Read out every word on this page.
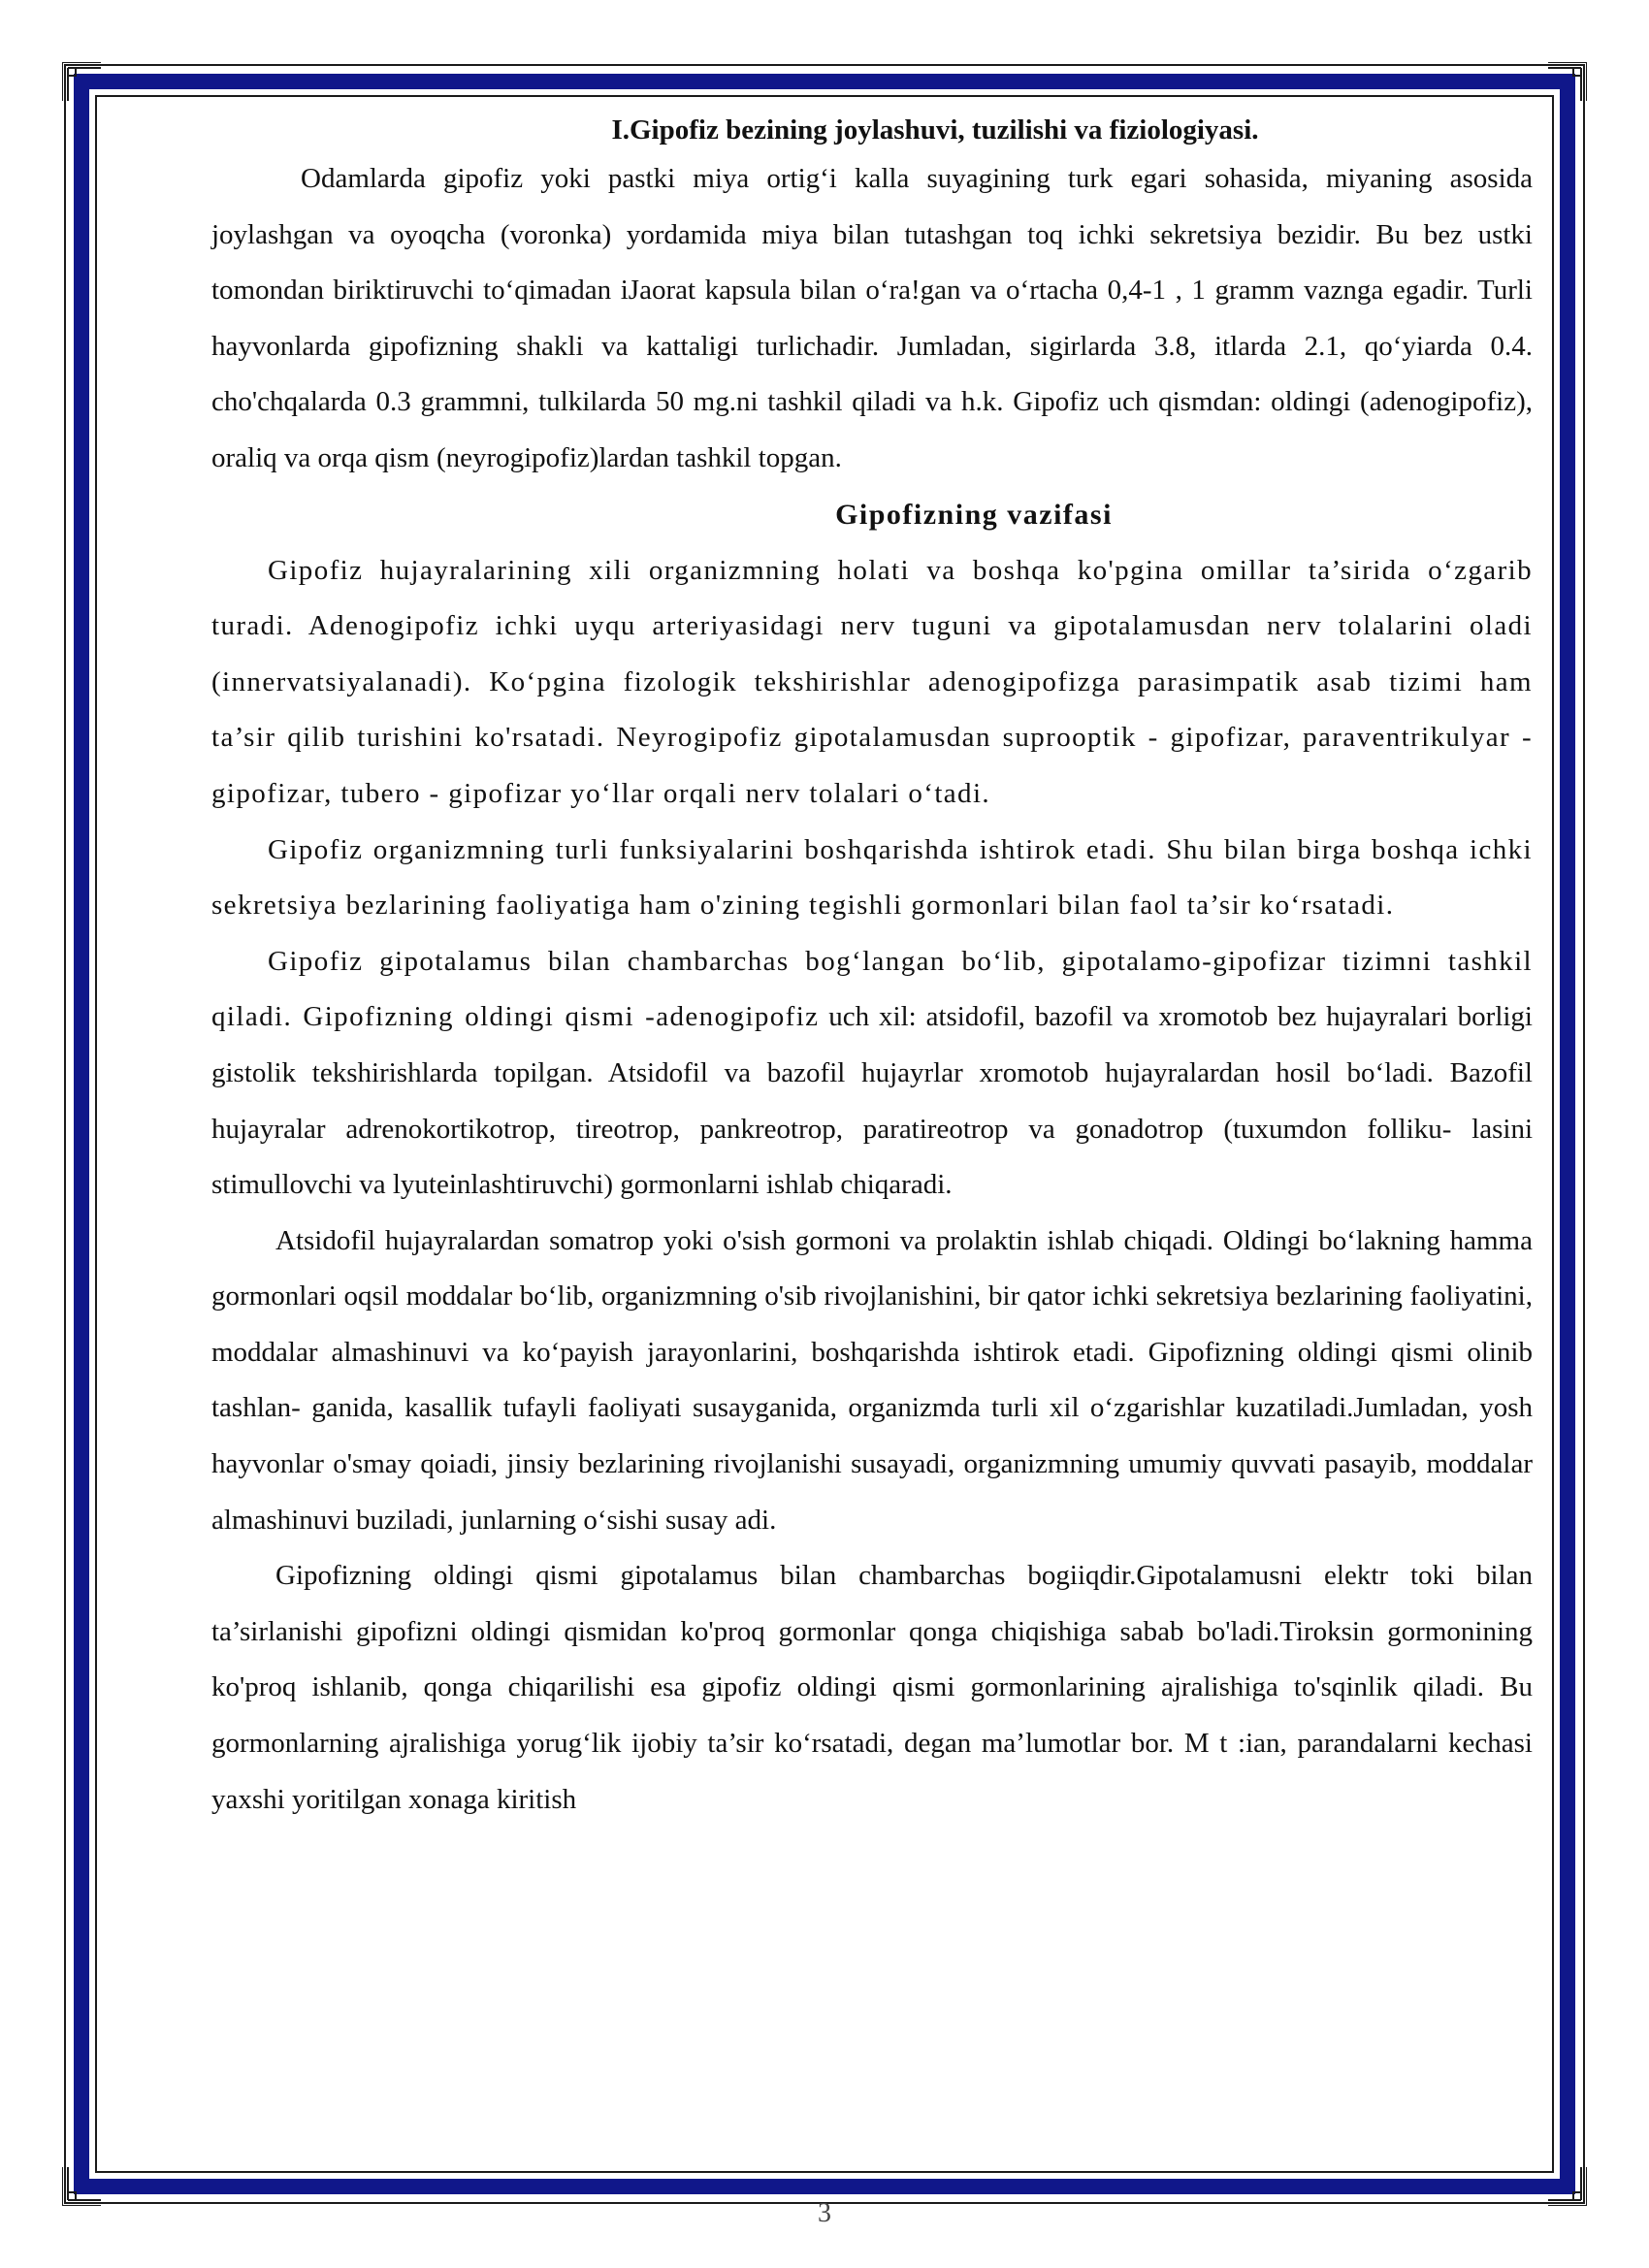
I.Gipofiz bezining joylashuvi, tuzilishi va fiziologiyasi.

Odamlarda gipofiz yoki pastki miya ortig‘i kalla suyagining turk egari sohasida, miyaning asosida joylashgan va oyoqcha (voronka) yordamida miya bilan tutashgan toq ichki sekretsiya bezidir. Bu bez ustki tomondan biriktiruvchi to‘qimadan iJaorat kapsula bilan o‘ra!gan va o‘rtacha 0,4-1 , 1 gramm vaznga egadir. Turli hayvonlarda gipofizning shakli va kattaligi turlichadir. Jumladan, sigirlarda 3.8, itlarda 2.1, qo‘yiarda 0.4. cho'chqalarda 0.3 grammni, tulkilarda 50 mg.ni tashkil qiladi va h.k. Gipofiz uch qismdan: oldingi (adenogipofiz), oraliq va orqa qism (neyrogipofiz)lardan tashkil topgan.

Gipofizning vazifasi

Gipofiz hujayralarining xili organizmning holati va boshqa ko'pgina omillar ta’sirida o‘zgarib turadi. Adenogipofiz ichki uyqu arteriyasidagi nerv tuguni va gipotalamusdan nerv tolalarini oladi (innervatsiyalanadi). Ko‘pgina fizologik tekshirishlar adenogipofizga parasimpatik asab tizimi ham ta’sir qilib turishini ko'rsatadi. Neyrogipofiz gipotalamusdan suprooptik - gipofizar, paraventrikulyar - gipofizar, tubero - gipofizar yo‘llar orqali nerv tolalari o‘tadi.

Gipofiz organizmning turli funksiyalarini boshqarishda ishtirok etadi. Shu bilan birga boshqa ichki sekretsiya bezlarining faoliyatiga ham o'zining tegishli gormonlari bilan faol ta’sir ko‘rsatadi.

Gipofiz gipotalamus bilan chambarchas bog‘langan bo‘lib, gipotalamo-gipofizar tizimni tashkil qiladi. Gipofizning oldingi qismi -adenogipofiz uch xil: atsidofil, bazofil va xromotob bez hujayralari borligi gistolik tekshirishlarda topilgan. Atsidofil va bazofil hujayrlar xromotob hujayralardan hosil bo‘ladi. Bazofil hujayralar adrenokortikotrop, tireotrop, pankreotrop, paratireotrop va gonadotrop (tuxumdon folliku- lasini stimullovchi va lyuteinlashtiruvchi) gormonlarni ishlab chiqaradi.

Atsidofil hujayralardan somatrop yoki o'sish gormoni va prolaktin ishlab chiqadi. Oldingi bo‘lakning hamma gormonlari oqsil moddalar bo‘lib, organizmning o'sib rivojlanishini, bir qator ichki sekretsiya bezlarining faoliyatini, moddalar almashinuvi va ko‘payish jarayonlarini, boshqarishda ishtirok etadi. Gipofizning oldingi qismi olinib tashlan- ganida, kasallik tufayli faoliyati susayganida, organizmda turli xil o‘zgarishlar kuzatiladi.Jumladan, yosh hayvonlar o'smay qoiadi, jinsiy bezlarining rivojlanishi susayadi, organizmning umumiy quvvati pasayib, moddalar almashinuvi buziladi, junlarning o‘sishi susay adi.

Gipofizning oldingi qismi gipotalamus bilan chambarchas bogiiqdir.Gipotalamusni elektr toki bilan ta’sirlanishi gipofizni oldingi qismidan ko'proq gormonlar qonga chiqishiga sabab bo'ladi.Tiroksin gormonining ko'proq ishlanib, qonga chiqarilishi esa gipofiz oldingi qismi gormonlarining ajralishiga to'sqinlik qiladi. Bu gormonlarning ajralishiga yorug‘lik ijobiy ta’sir ko‘rsatadi, degan ma’lumotlar bor. M t :ian, parandalarni kechasi yaxshi yoritilgan xonaga kiritish

3
